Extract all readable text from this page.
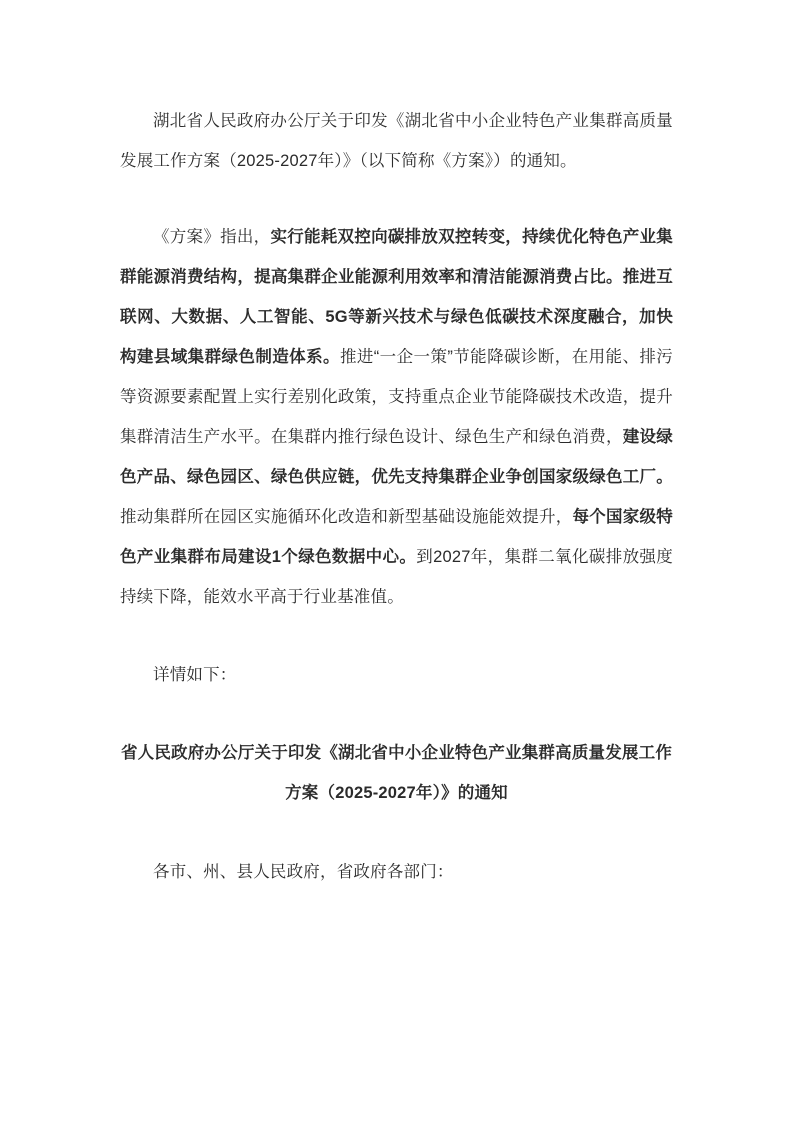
湖北省人民政府办公厅关于印发《湖北省中小企业特色产业集群高质量发展工作方案（2025-2027年）》（以下简称《方案》）的通知。

《方案》指出，实行能耗双控向碳排放双控转变，持续优化特色产业集群能源消费结构，提高集群企业能源利用效率和清洁能源消费占比。推进互联网、大数据、人工智能、5G等新兴技术与绿色低碳技术深度融合，加快构建县域集群绿色制造体系。推进“一企一策”节能降碳诊断，在用能、排污等资源要素配置上实行差别化政策，支持重点企业节能降碳技术改造，提升集群清洁生产水平。在集群内推行绿色设计、绿色生产和绿色消费，建设绿色产品、绿色园区、绿色供应链，优先支持集群企业争创国家级绿色工厂。推动集群所在园区实施循环化改造和新型基础设施能效提升，每个国家级特色产业集群布局建设1个绿色数据中心。到2027年，集群二氧化碳排放强度持续下降，能效水平高于行业基准值。

详情如下：

省人民政府办公厅关于印发《湖北省中小企业特色产业集群高质量发展工作方案（2025-2027年）》的通知

各市、州、县人民政府，省政府各部门：
